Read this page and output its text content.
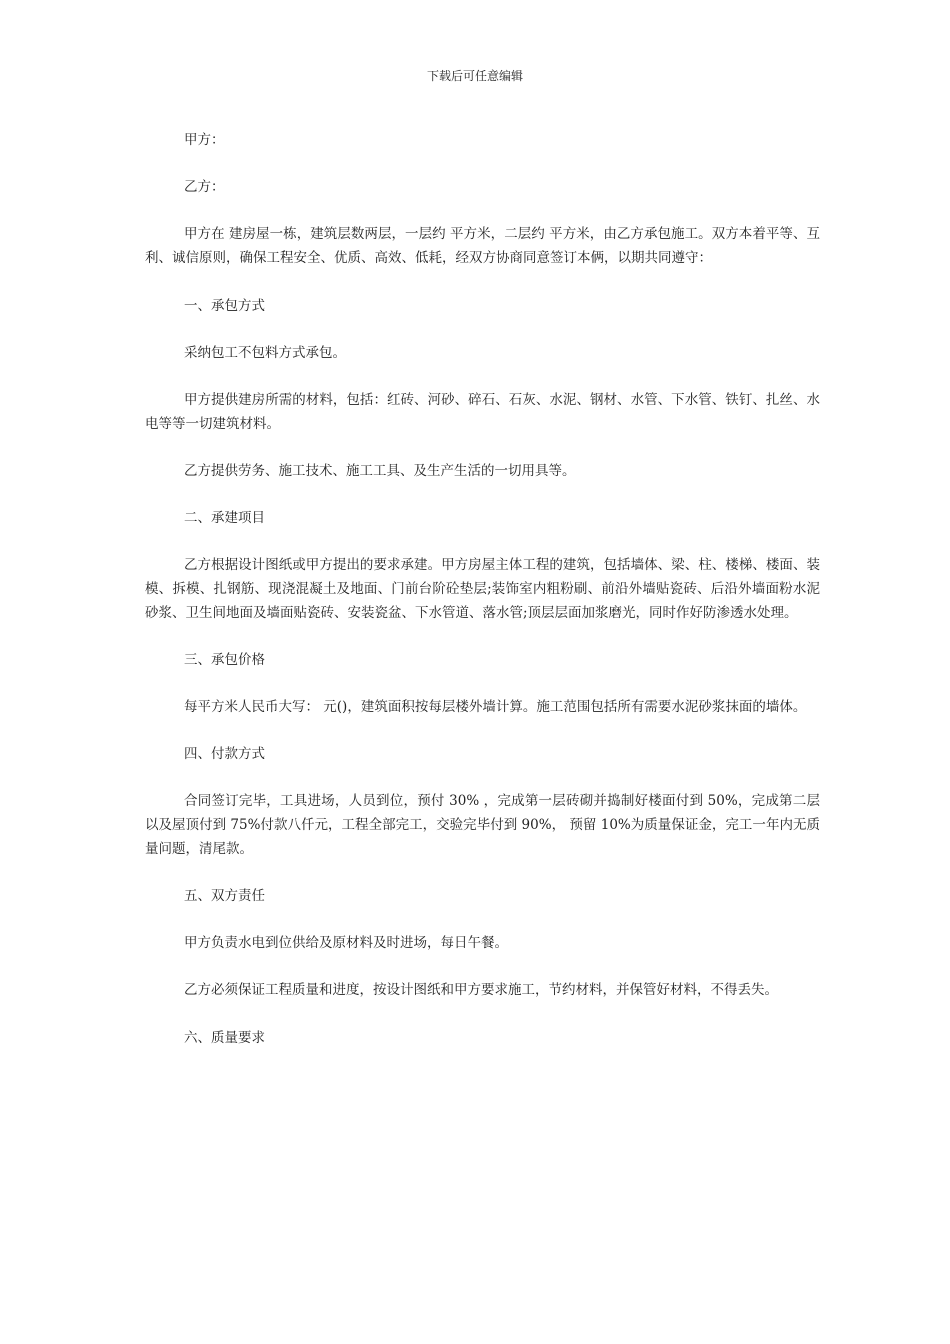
下载后可任意编辑

甲方：

乙方：

甲方在 建房屋一栋，建筑层数两层，一层约 平方米，二层约 平方米，由乙方承包施工。双方本着平等、互利、诚信原则，确保工程安全、优质、高效、低耗，经双方协商同意签订本俩，以期共同遵守：

一、承包方式

采纳包工不包料方式承包。

甲方提供建房所需的材料，包括：红砖、河砂、碎石、石灰、水泥、钢材、水管、下水管、铁钉、扎丝、水电等等一切建筑材料。

乙方提供劳务、施工技术、施工工具、及生产生活的一切用具等。

二、承建项目

乙方根据设计图纸或甲方提出的要求承建。甲方房屋主体工程的建筑，包括墙体、梁、柱、楼梯、楼面、装模、拆模、扎钢筋、现浇混凝土及地面、门前台阶砼垫层;装饰室内粗粉刷、前沿外墙贴瓷砖、后沿外墙面粉水泥砂浆、卫生间地面及墙面贴瓷砖、安装瓷盆、下水管道、落水管;顶层层面加浆磨光，同时作好防渗透水处理。

三、承包价格

每平方米人民币大写： 元()，建筑面积按每层楼外墙计算。施工范围包括所有需要水泥砂浆抹面的墙体。

四、付款方式

合同签订完毕，工具进场，人员到位，预付 30% ，完成第一层砖砌并捣制好楼面付到 50%，完成第二层以及屋顶付到 75%付款八仟元，工程全部完工，交验完毕付到 90%， 预留 10%为质量保证金，完工一年内无质量问题，清尾款。

五、双方责任

甲方负责水电到位供给及原材料及时进场，每日午餐。

乙方必须保证工程质量和进度，按设计图纸和甲方要求施工，节约材料，并保管好材料，不得丢失。

六、质量要求
